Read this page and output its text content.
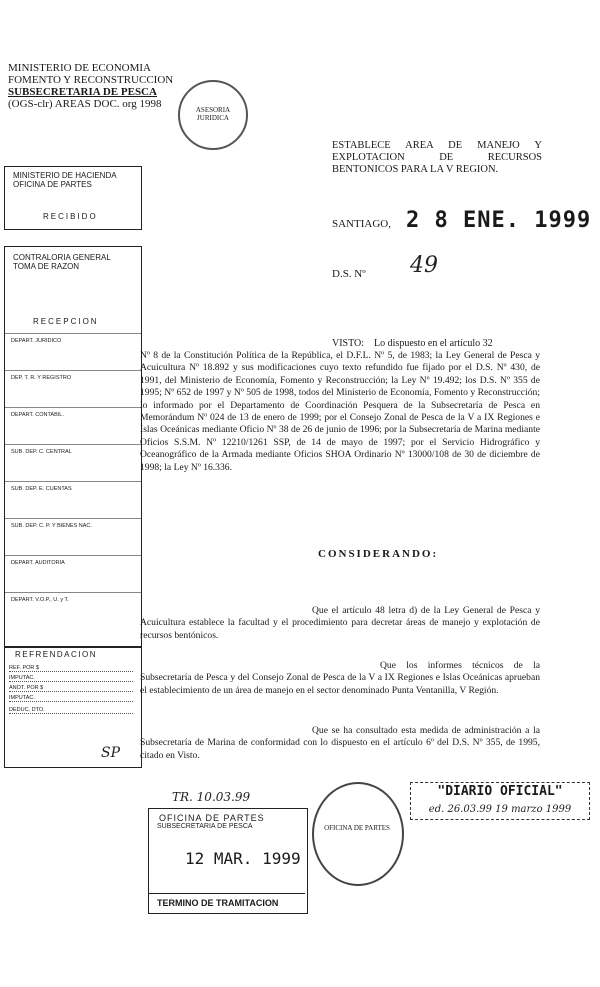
MINISTERIO DE ECONOMIA
FOMENTO Y RECONSTRUCCION
SUBSECRETARIA DE PESCA
(OGS-clr) AREAS DOC. org 1998	ASESORIA JURIDICA
ESTABLECE AREA DE MANEJO Y EXPLOTACION DE RECURSOS BENTONICOS PARA LA V REGION.
SANTIAGO, 2 8 ENE. 1999
D.S. Nº 49
MINISTERIO DE HACIENDA
OFICINA DE PARTES
RECIBIDO
CONTRALORIA GENERAL
TOMA DE RAZON
RECEPCION
DEPART. JURIDICO
DEP. T. R. Y REGISTRO
DEPART. CONTABIL.
SUB. DEP. C. CENTRAL
SUB. DEP. E. CUENTAS
SUB. DEP. C. P. Y BIENES NAC.
DEPART. AUDITORIA
DEPART. V.O.P., U. y T.
REFRENDACION
REF. POR $
IMPUTAC.
ANOT. POR $
IMPUTAC.
DEDUC. DTO.
SP
VISTO: Lo dispuesto en el artículo 32
Nº 8 de la Constitución Política de la República, el D.F.L. Nº 5, de 1983; la Ley General de Pesca y Acuicultura Nº 18.892 y sus modificaciones cuyo texto refundido fue fijado por el D.S. Nº 430, de 1991, del Ministerio de Economía, Fomento y Reconstrucción; la Ley Nº 19.492; los D.S. Nº 355 de 1995; Nº 652 de 1997 y Nº 505 de 1998, todos del Ministerio de Economía, Fomento y Reconstrucción; lo informado por el Departamento de Coordinación Pesquera de la Subsecretaría de Pesca en Memorándum Nº 024 de 13 de enero de 1999; por el Consejo Zonal de Pesca de la V a IX Regiones e Islas Oceánicas mediante Oficio Nº 38 de 26 de junio de 1996; por la Subsecretaría de Marina mediante Oficios S.S.M. Nº 12210/1261 SSP, de 14 de mayo de 1997; por el Servicio Hidrográfico y Oceanográfico de la Armada mediante Oficios SHOA Ordinario Nº 13000/108 de 30 de diciembre de 1998; la Ley Nº 16.336.
CONSIDERANDO:
Que el artículo 48 letra d) de la Ley General de Pesca y Acuicultura establece la facultad y el procedimiento para decretar áreas de manejo y explotación de recursos bentónicos.
Que los informes técnicos de la Subsecretaría de Pesca y del Consejo Zonal de Pesca de la V a IX Regiones e Islas Oceánicas aprueban el establecimiento de un área de manejo en el sector denominado Punta Ventanilla, V Región.
Que se ha consultado esta medida de administración a la Subsecretaría de Marina de conformidad con lo dispuesto en el artículo 6º del D.S. Nº 355, de 1995, citado en Visto.
TR. 10.03.99
OFICINA DE PARTES
SUBSECRETARIA DE PESCA
12 MAR. 1999
TERMINO DE TRAMITACION
OFICINA DE PARTES
"DIARIO OFICIAL"
ed. 26.03.99 19 marzo 1999
